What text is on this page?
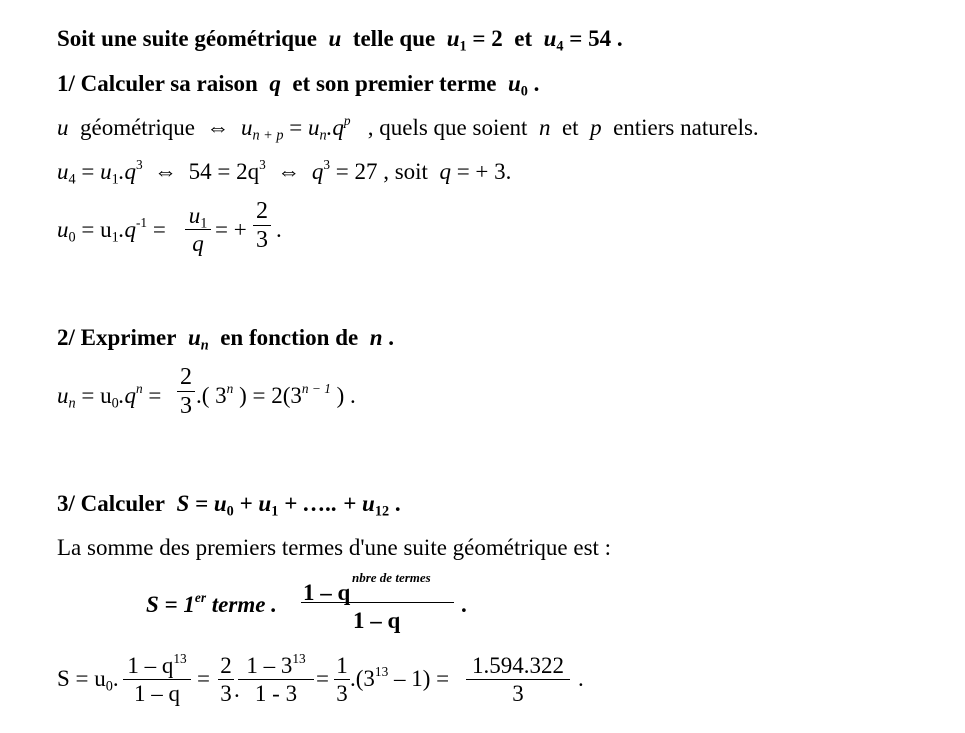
Soit une suite géométrique u telle que $u_1 = 2$ et $u_4 = 54$ .
1/ Calculer sa raison q et son premier terme $u_0$ .
u géométrique ⇔ $u_{n + p} = u_n.q^p$ , quels que soient n et p entiers naturels.
$u_4 = u_1.q^3$ ⇔ $54 = 2q^3$ ⇔ $q^3 = 27$ , soit q = + 3.
$u_0 = u_1.q^{-1}$ =
$u_1$
q
= +
2
3 .
2/ Exprimer $u_n$ en fonction de n .
$u_n = u_0.q^n$ =
2
3 .( 3$^n$ ) = $2(3^{n - 1}$ ) .
3/ Calculer $S = u_0 + u_1$ + ….. + $u_{12}$ .
La somme des premiers termes d'une suite géométrique est :
S = 1er terme . 1 – q
nbre de termes
1 – q
.
$S = u_0$.
$1 - q^{13}$
1 – q
=
2
3 .
$1 - 3^{13}$
1 - 3
=
1
3
$.(3^{13} - 1)$ =
1.594.322
3
.
